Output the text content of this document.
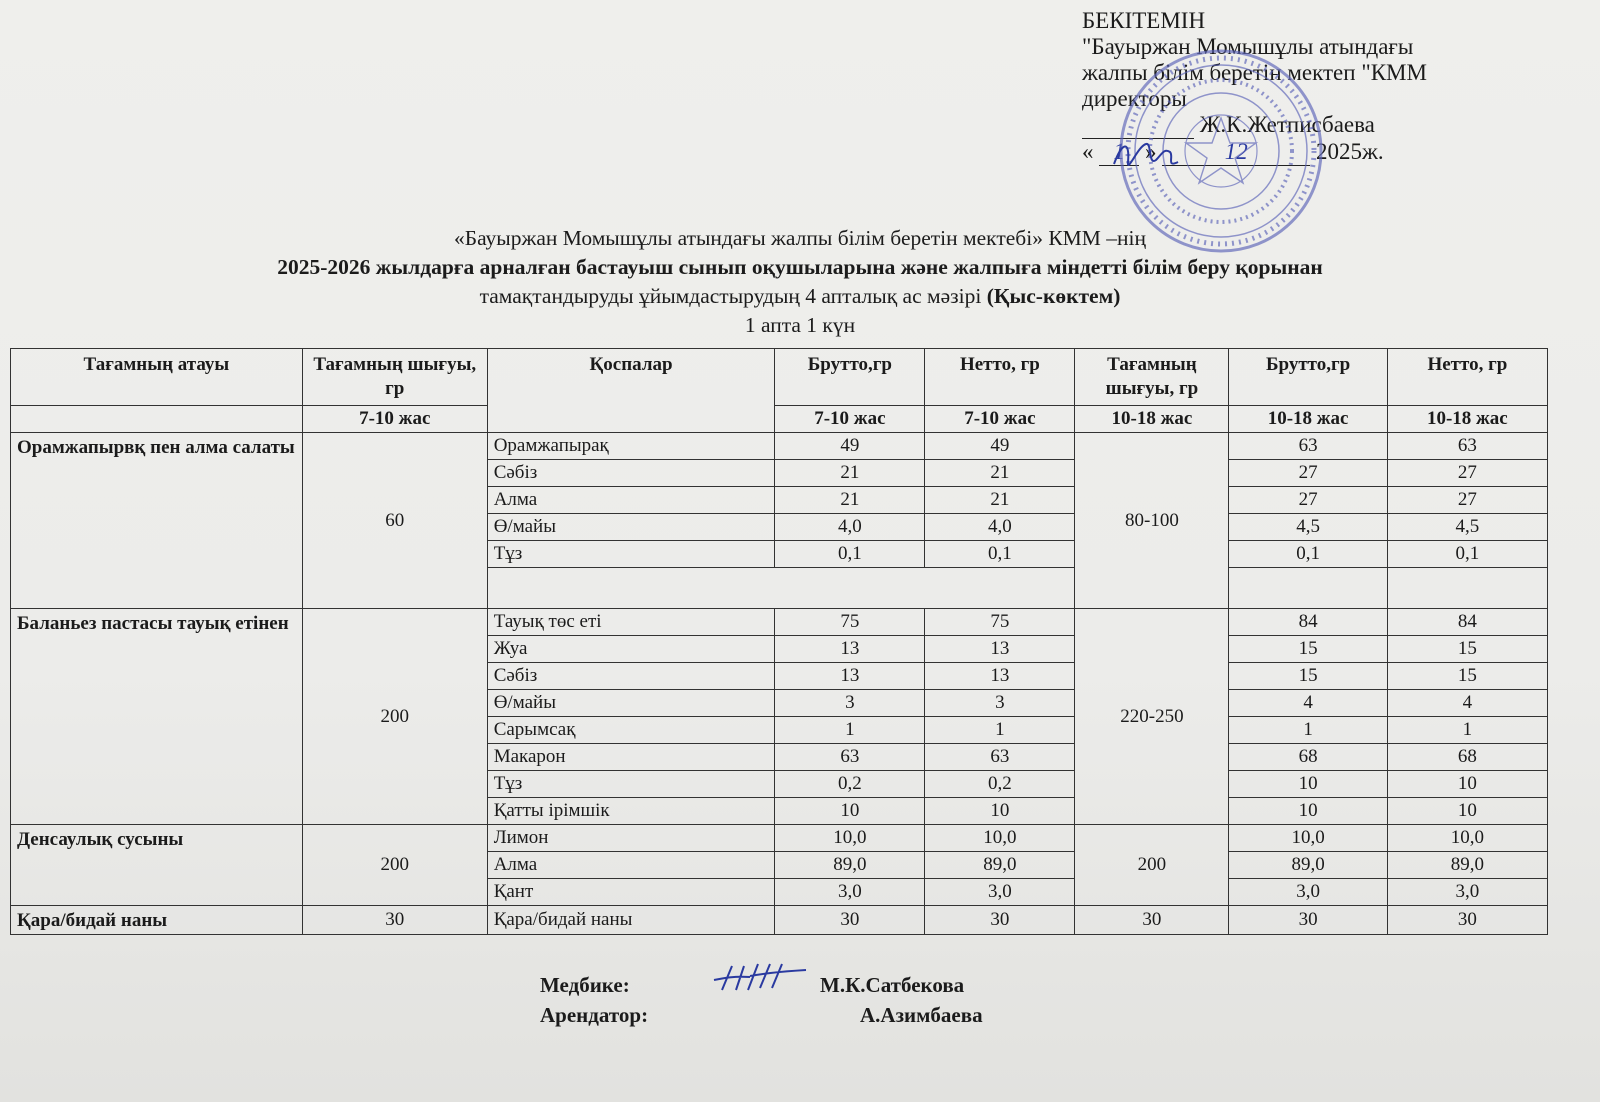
БЕКІТЕМІН
"Бауыржан Момышұлы атындағы
жалпы білім беретін мектеп "КММ
директоры
Ж.К.Жетписбаева
« 1 »	12	2025ж.
«Бауыржан Момышұлы атындағы жалпы білім беретін мектебі» КММ –нің
2025-2026 жылдарға арналған бастауыш сынып оқушыларына және жалпыға міндетті білім беру қорынан
тамақтандыруды ұйымдастырудың 4 апталық ас мәзірі (Қыс-көктем)
1 апта 1 күн
Тағамның атауы	Тағамның шығуы, гр	Қоспалар	Брутто,гр	Нетто, гр	Тағамның шығуы, гр	Брутто,гр	Нетто, гр
	7-10 жас		7-10 жас	7-10 жас	10-18 жас	10-18 жас	10-18 жас
Орамжапырвқ пен алма салаты	60	Орамжапырақ	49	49	80-100	63	63
		Сәбіз	21	21		27	27
		Алма	21	21		27	27
		Ө/майы	4,0	4,0		4,5	4,5
		Тұз	0,1	0,1		0,1	0,1

Баланьез пастасы тауық етінен	200	Тауық төс еті	75	75	220-250	84	84
		Жуа	13	13		15	15
		Сәбіз	13	13		15	15
		Ө/майы	3	3		4	4
		Сарымсақ	1	1		1	1
		Макарон	63	63		68	68
		Тұз	0,2	0,2		10	10
		Қатты ірімшік	10	10		10	10
Денсаулық сусыны	200	Лимон	10,0	10,0	200	10,0	10,0
		Алма	89,0	89,0		89,0	89,0
		Қант	3,0	3,0		3,0	3,0
Қара/бидай наны	30	Қара/бидай наны	30	30	30	30	30
Медбике:	М.К.Сатбекова
Арендатор:	А.Азимбаева
